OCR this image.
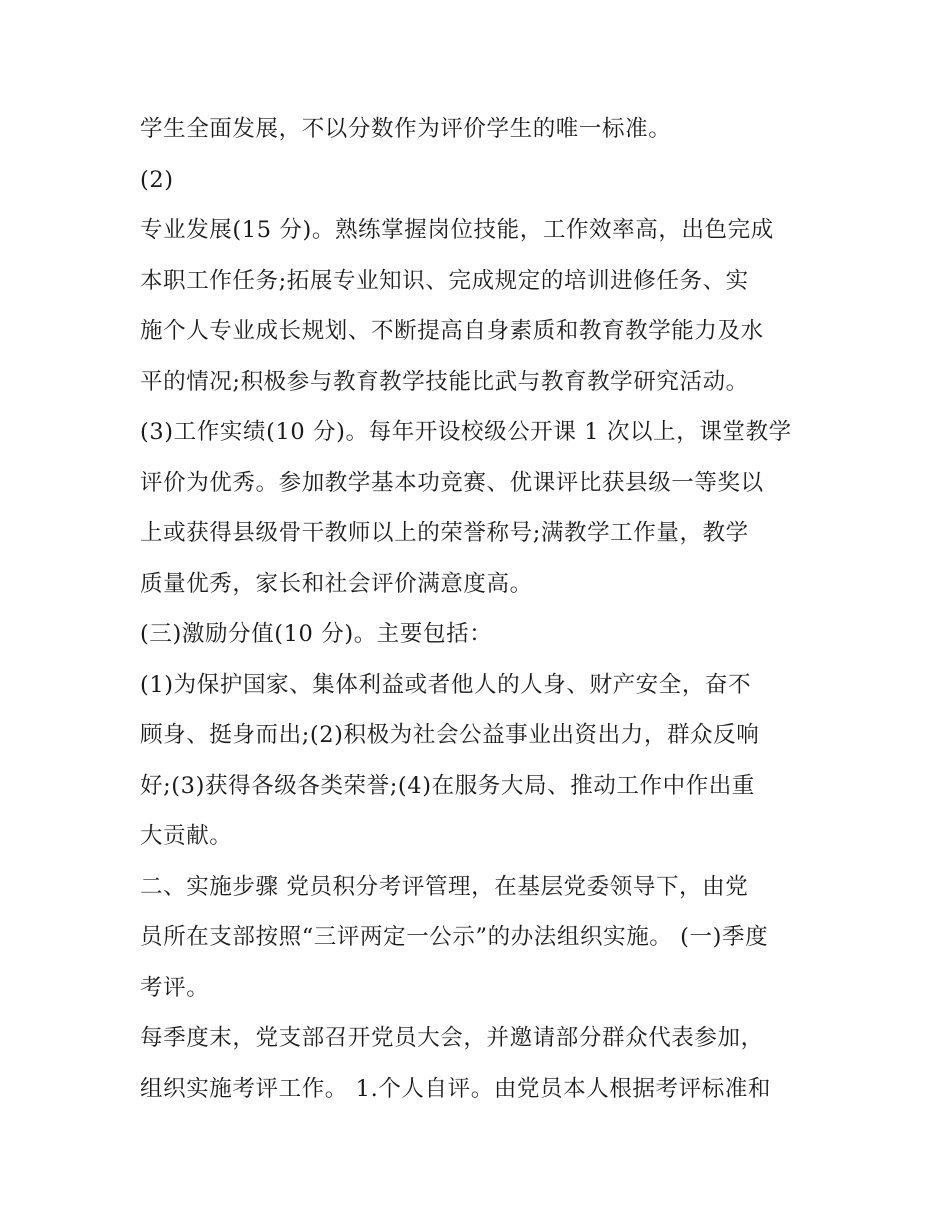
学生全面发展，不以分数作为评价学生的唯一标准。
(2)
专业发展(15 分)。熟练掌握岗位技能，工作效率高，出色完成
本职工作任务;拓展专业知识、完成规定的培训进修任务、实
施个人专业成长规划、不断提高自身素质和教育教学能力及水
平的情况;积极参与教育教学技能比武与教育教学研究活动。
(3)工作实绩(10 分)。每年开设校级公开课 1 次以上，课堂教学
评价为优秀。参加教学基本功竞赛、优课评比获县级一等奖以
上或获得县级骨干教师以上的荣誉称号;满教学工作量，教学
质量优秀，家长和社会评价满意度高。
(三)激励分值(10 分)。主要包括：
(1)为保护国家、集体利益或者他人的人身、财产安全，奋不
顾身、挺身而出;(2)积极为社会公益事业出资出力，群众反响
好;(3)获得各级各类荣誉;(4)在服务大局、推动工作中作出重
大贡献。
二、实施步骤 党员积分考评管理，在基层党委领导下，由党
员所在支部按照“三评两定一公示”的办法组织实施。 (一)季度
考评。
每季度末，党支部召开党员大会，并邀请部分群众代表参加，
组织实施考评工作。 1.个人自评。由党员本人根据考评标准和
